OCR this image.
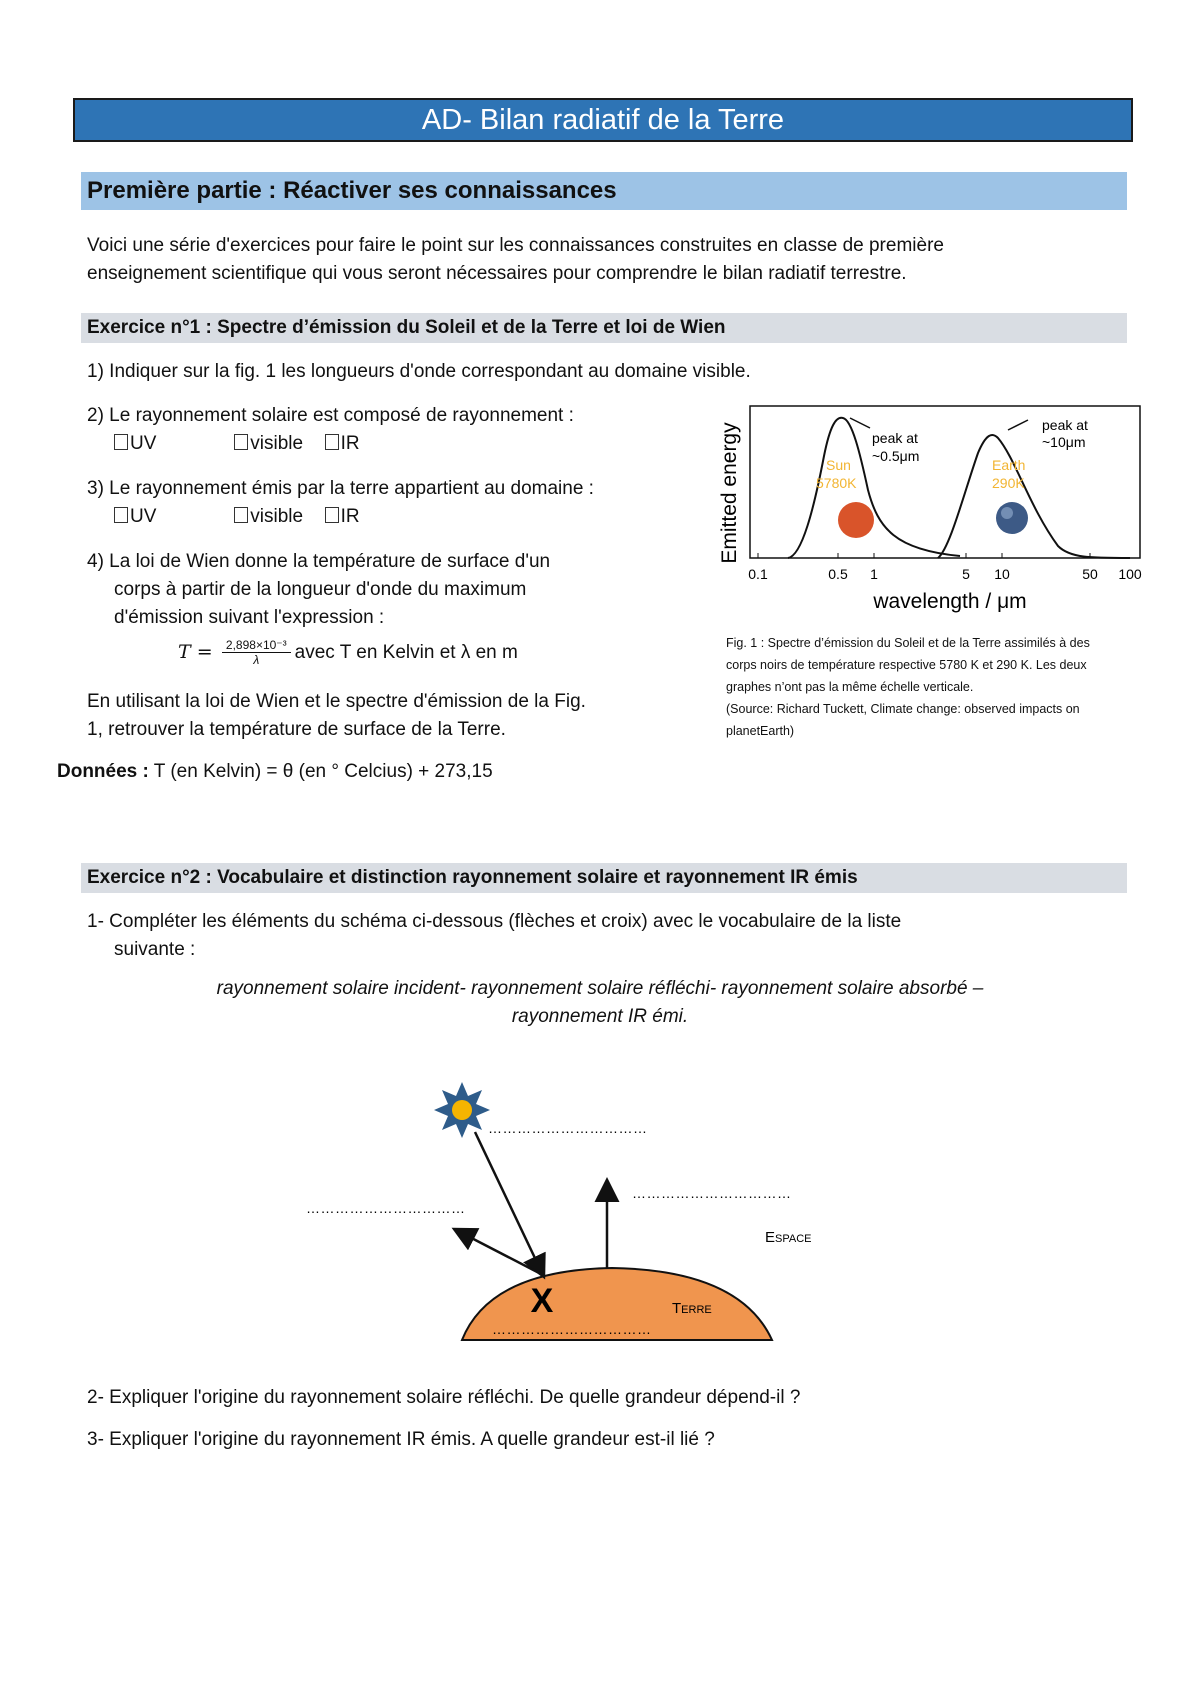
AD- Bilan radiatif de la Terre
Première partie : Réactiver ses connaissances
Voici une série d'exercices pour faire le point sur les connaissances construites en classe de première
enseignement scientifique qui vous seront nécessaires pour comprendre le bilan radiatif terrestre.
Exercice n°1 : Spectre d’émission du Soleil et de la Terre et loi de Wien
1) Indiquer sur la fig. 1 les longueurs d'onde correspondant au domaine visible.
2) Le rayonnement solaire est composé de rayonnement :
UV	visible IR
3) Le rayonnement émis par la terre appartient au domaine :
UV	visible IR
4) La loi de Wien donne la température de surface d'un
corps à partir de la longueur d'onde du maximum
d'émission suivant l'expression :
$T = \frac{\text{2,898×10⁻³}}{\lambda}$ avec T en Kelvin et λ en m
En utilisant la loi de Wien et le spectre d'émission de la Fig.
1, retrouver la température de surface de la Terre.
Données : T (en Kelvin) = θ (en ° Celcius) + 273,15
Emitted energy	peak at
~0.5μm
peak at
~10μm
Sun
5780K
Earth
290K
0.1	0.5 1	5 10	50 100
wavelength / μm
Fig. 1 : Spectre d’émission du Soleil et de la Terre assimilés à des
corps noirs de température respective 5780 K et 290 K. Les deux
graphes n’ont pas la même échelle verticale.
(Source: Richard Tuckett, Climate change: observed impacts on
planetEarth)
Exercice n°2 : Vocabulaire et distinction rayonnement solaire et rayonnement IR émis
1- Compléter les éléments du schéma ci-dessous (flèches et croix) avec le vocabulaire de la liste
suivante :
rayonnement solaire incident- rayonnement solaire réfléchi- rayonnement solaire absorbé –
rayonnement IR émi.
X
……………………………
……………………………
……………………………
……………………………
Espace
Terre
2- Expliquer l'origine du rayonnement solaire réfléchi. De quelle grandeur dépend-il ?
3- Expliquer l'origine du rayonnement IR émis. A quelle grandeur est-il lié ?
